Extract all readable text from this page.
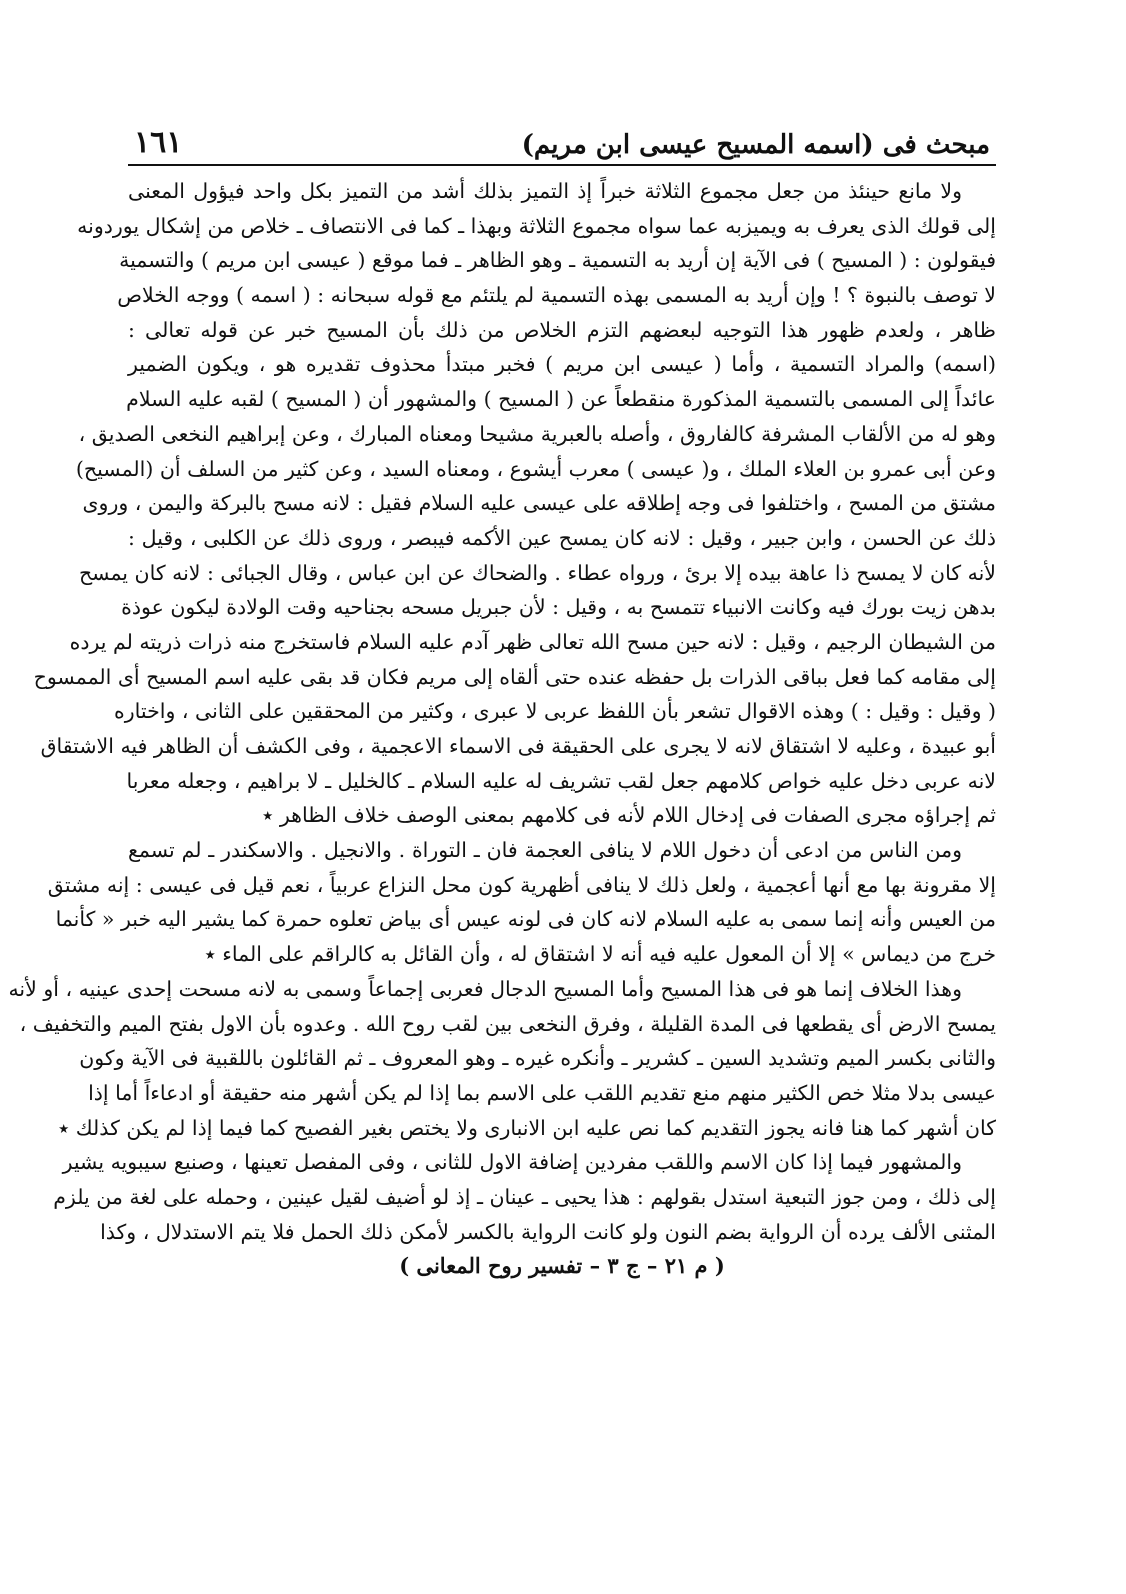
مبحث فى (اسمه المسيح عيسى ابن مريم)
١٦١
ولا مانع حينئذ من جعل مجموع الثلاثة خبراً إذ التميز بذلك أشد من التميز بكل واحد فيؤول المعنى
إلى قولك الذى يعرف به ويميزبه عما سواه مجموع الثلاثة وبهذا ـ كما فى الانتصاف ـ خلاص من إشكال يوردونه
فيقولون : ( المسيح ) فى الآية إن أريد به التسمية ـ وهو الظاهر ـ فما موقع ( عيسى ابن مريم ) والتسمية
لا توصف بالنبوة ؟ ! وإن أريد به المسمى بهذه التسمية لم يلتئم مع قوله سبحانه : ( اسمه ) ووجه الخلاص
ظاهر ، ولعدم ظهور هذا التوجيه لبعضهم التزم الخلاص من ذلك بأن المسيح خبر عن قوله تعالى :
(اسمه) والمراد التسمية ، وأما ( عيسى ابن مريم ) فخبر مبتدأ محذوف تقديره هو ، ويكون الضمير
عائداً إلى المسمى بالتسمية المذكورة منقطعاً عن ( المسيح ) والمشهور أن ( المسيح ) لقبه عليه السلام
وهو له من الألقاب المشرفة كالفاروق ، وأصله بالعبرية مشيحا ومعناه المبارك ، وعن إبراهيم النخعى الصديق ،
وعن أبى عمرو بن العلاء الملك ، و( عيسى ) معرب أيشوع ، ومعناه السيد ، وعن كثير من السلف أن (المسيح)
مشتق من المسح ، واختلفوا فى وجه إطلاقه على عيسى عليه السلام فقيل : لانه مسح بالبركة واليمن ، وروى
ذلك عن الحسن ، وابن جبير ، وقيل : لانه كان يمسح عين الأكمه فيبصر ، وروى ذلك عن الكلبى ، وقيل :
لأنه كان لا يمسح ذا عاهة بيده إلا برئ ، ورواه عطاء . والضحاك عن ابن عباس ، وقال الجبائى : لانه كان يمسح
بدهن زيت بورك فيه وكانت الانبياء تتمسح به ، وقيل : لأن جبريل مسحه بجناحيه وقت الولادة ليكون عوذة
من الشيطان الرجيم ، وقيل : لانه حين مسح الله تعالى ظهر آدم عليه السلام فاستخرج منه ذرات ذريته لم يرده
إلى مقامه كما فعل بباقى الذرات بل حفظه عنده حتى ألقاه إلى مريم فكان قد بقى عليه اسم المسيح أى الممسوح
( وقيل : وقيل : ) وهذه الاقوال تشعر بأن اللفظ عربى لا عبرى ، وكثير من المحققين على الثانى ، واختاره
أبو عبيدة ، وعليه لا اشتقاق لانه لا يجرى على الحقيقة فى الاسماء الاعجمية ، وفى الكشف أن الظاهر فيه الاشتقاق
لانه عربى دخل عليه خواص كلامهم جعل لقب تشريف له عليه السلام ـ كالخليل ـ لا براهيم ، وجعله معربا
ثم إجراؤه مجرى الصفات فى إدخال اللام لأنه فى كلامهم بمعنى الوصف خلاف الظاهر ٭
ومن الناس من ادعى أن دخول اللام لا ينافى العجمة فان ـ التوراة . والانجيل . والاسكندر ـ لم تسمع
إلا مقرونة بها مع أنها أعجمية ، ولعل ذلك لا ينافى أظهرية كون محل النزاع عربياً ، نعم قيل فى عيسى : إنه مشتق
من العيس وأنه إنما سمى به عليه السلام لانه كان فى لونه عيس أى بياض تعلوه حمرة كما يشير اليه خبر « كأنما
خرج من ديماس » إلا أن المعول عليه فيه أنه لا اشتقاق له ، وأن القائل به كالراقم على الماء ٭
وهذا الخلاف إنما هو فى هذا المسيح وأما المسيح الدجال فعربى إجماعاً وسمى به لانه مسحت إحدى عينيه ، أو لأنه
يمسح الارض أى يقطعها فى المدة القليلة ، وفرق النخعى بين لقب روح الله . وعدوه بأن الاول بفتح الميم والتخفيف ،
والثانى بكسر الميم وتشديد السين ـ كشرير ـ وأنكره غيره ـ وهو المعروف ـ ثم القائلون باللقبية فى الآية وكون
عيسى بدلا مثلا خص الكثير منهم منع تقديم اللقب على الاسم بما إذا لم يكن أشهر منه حقيقة أو ادعاءاً أما إذا
كان أشهر كما هنا فانه يجوز التقديم كما نص عليه ابن الانبارى ولا يختص بغير الفصيح كما فيما إذا لم يكن كذلك ٭
والمشهور فيما إذا كان الاسم واللقب مفردين إضافة الاول للثانى ، وفى المفصل تعينها ، وصنيع سيبويه يشير
إلى ذلك ، ومن جوز التبعية استدل بقولهم : هذا يحيى ـ عينان ـ إذ لو أضيف لقيل عينين ، وحمله على لغة من يلزم
المثنى الألف يرده أن الرواية بضم النون ولو كانت الرواية بالكسر لأمكن ذلك الحمل فلا يتم الاستدلال ، وكذا
( م ٢١ – ج ٣ – تفسير روح المعانى )
